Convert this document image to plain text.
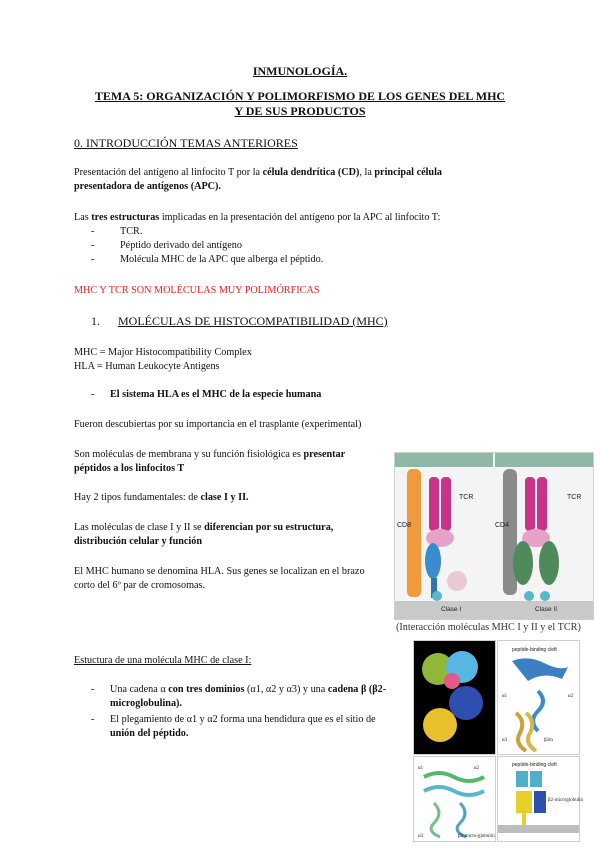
INMUNOLOGÍA.
TEMA 5: ORGANIZACIÓN Y POLIMORFISMO DE LOS GENES DEL MHC
Y DE SUS PRODUCTOS
0. INTRODUCCIÓN TEMAS ANTERIORES
Presentación del antígeno al linfocito T por la célula dendrítica (CD), la principal célula presentadora de antígenos (APC).
Las tres estructuras implicadas en la presentación del antígeno por la APC al linfocito T:
- TCR.
- Péptido derivado del antígeno
- Molécula MHC de la APC que alberga el péptido.
MHC Y TCR SON MOLÉCULAS MUY POLIMÓRFICAS
1. MOLÉCULAS DE HISTOCOMPATIBILIDAD (MHC)
MHC = Major Histocompatibility Complex
HLA = Human Leukocyte Antigens
- El sistema HLA es el MHC de la especie humana
Fueron descubiertas por su importancia en el trasplante (experimental)
Son moléculas de membrana y su función fisiológica es presentar péptidos a los linfocitos T
Hay 2 tipos fundamentales: de clase I y II.
Las moléculas de clase I y II se diferencian por su estructura, distribución celular y función
El MHC humano se denomina HLA. Sus genes se localizan en el brazo corto del 6º par de cromosomas.
CD8
TCR
Clase I
CD4
TCR
Clase II
(Interacción moléculas MHC I y II y el TCR)
Estuctura de una molécula MHC de clase I:
- Una cadena α con tres dominios (α1, α2 y α3) y una cadena β (β2-microglobulina).
- El plegamiento de α1 y α2 forma una hendidura que es el sitio de unión del péptido.
peptide-binding cleft
α1	α2
α3	β2m
α1	α2
α3	β2-micro-globulin
peptide-binding cleft
β2-microglobulin
